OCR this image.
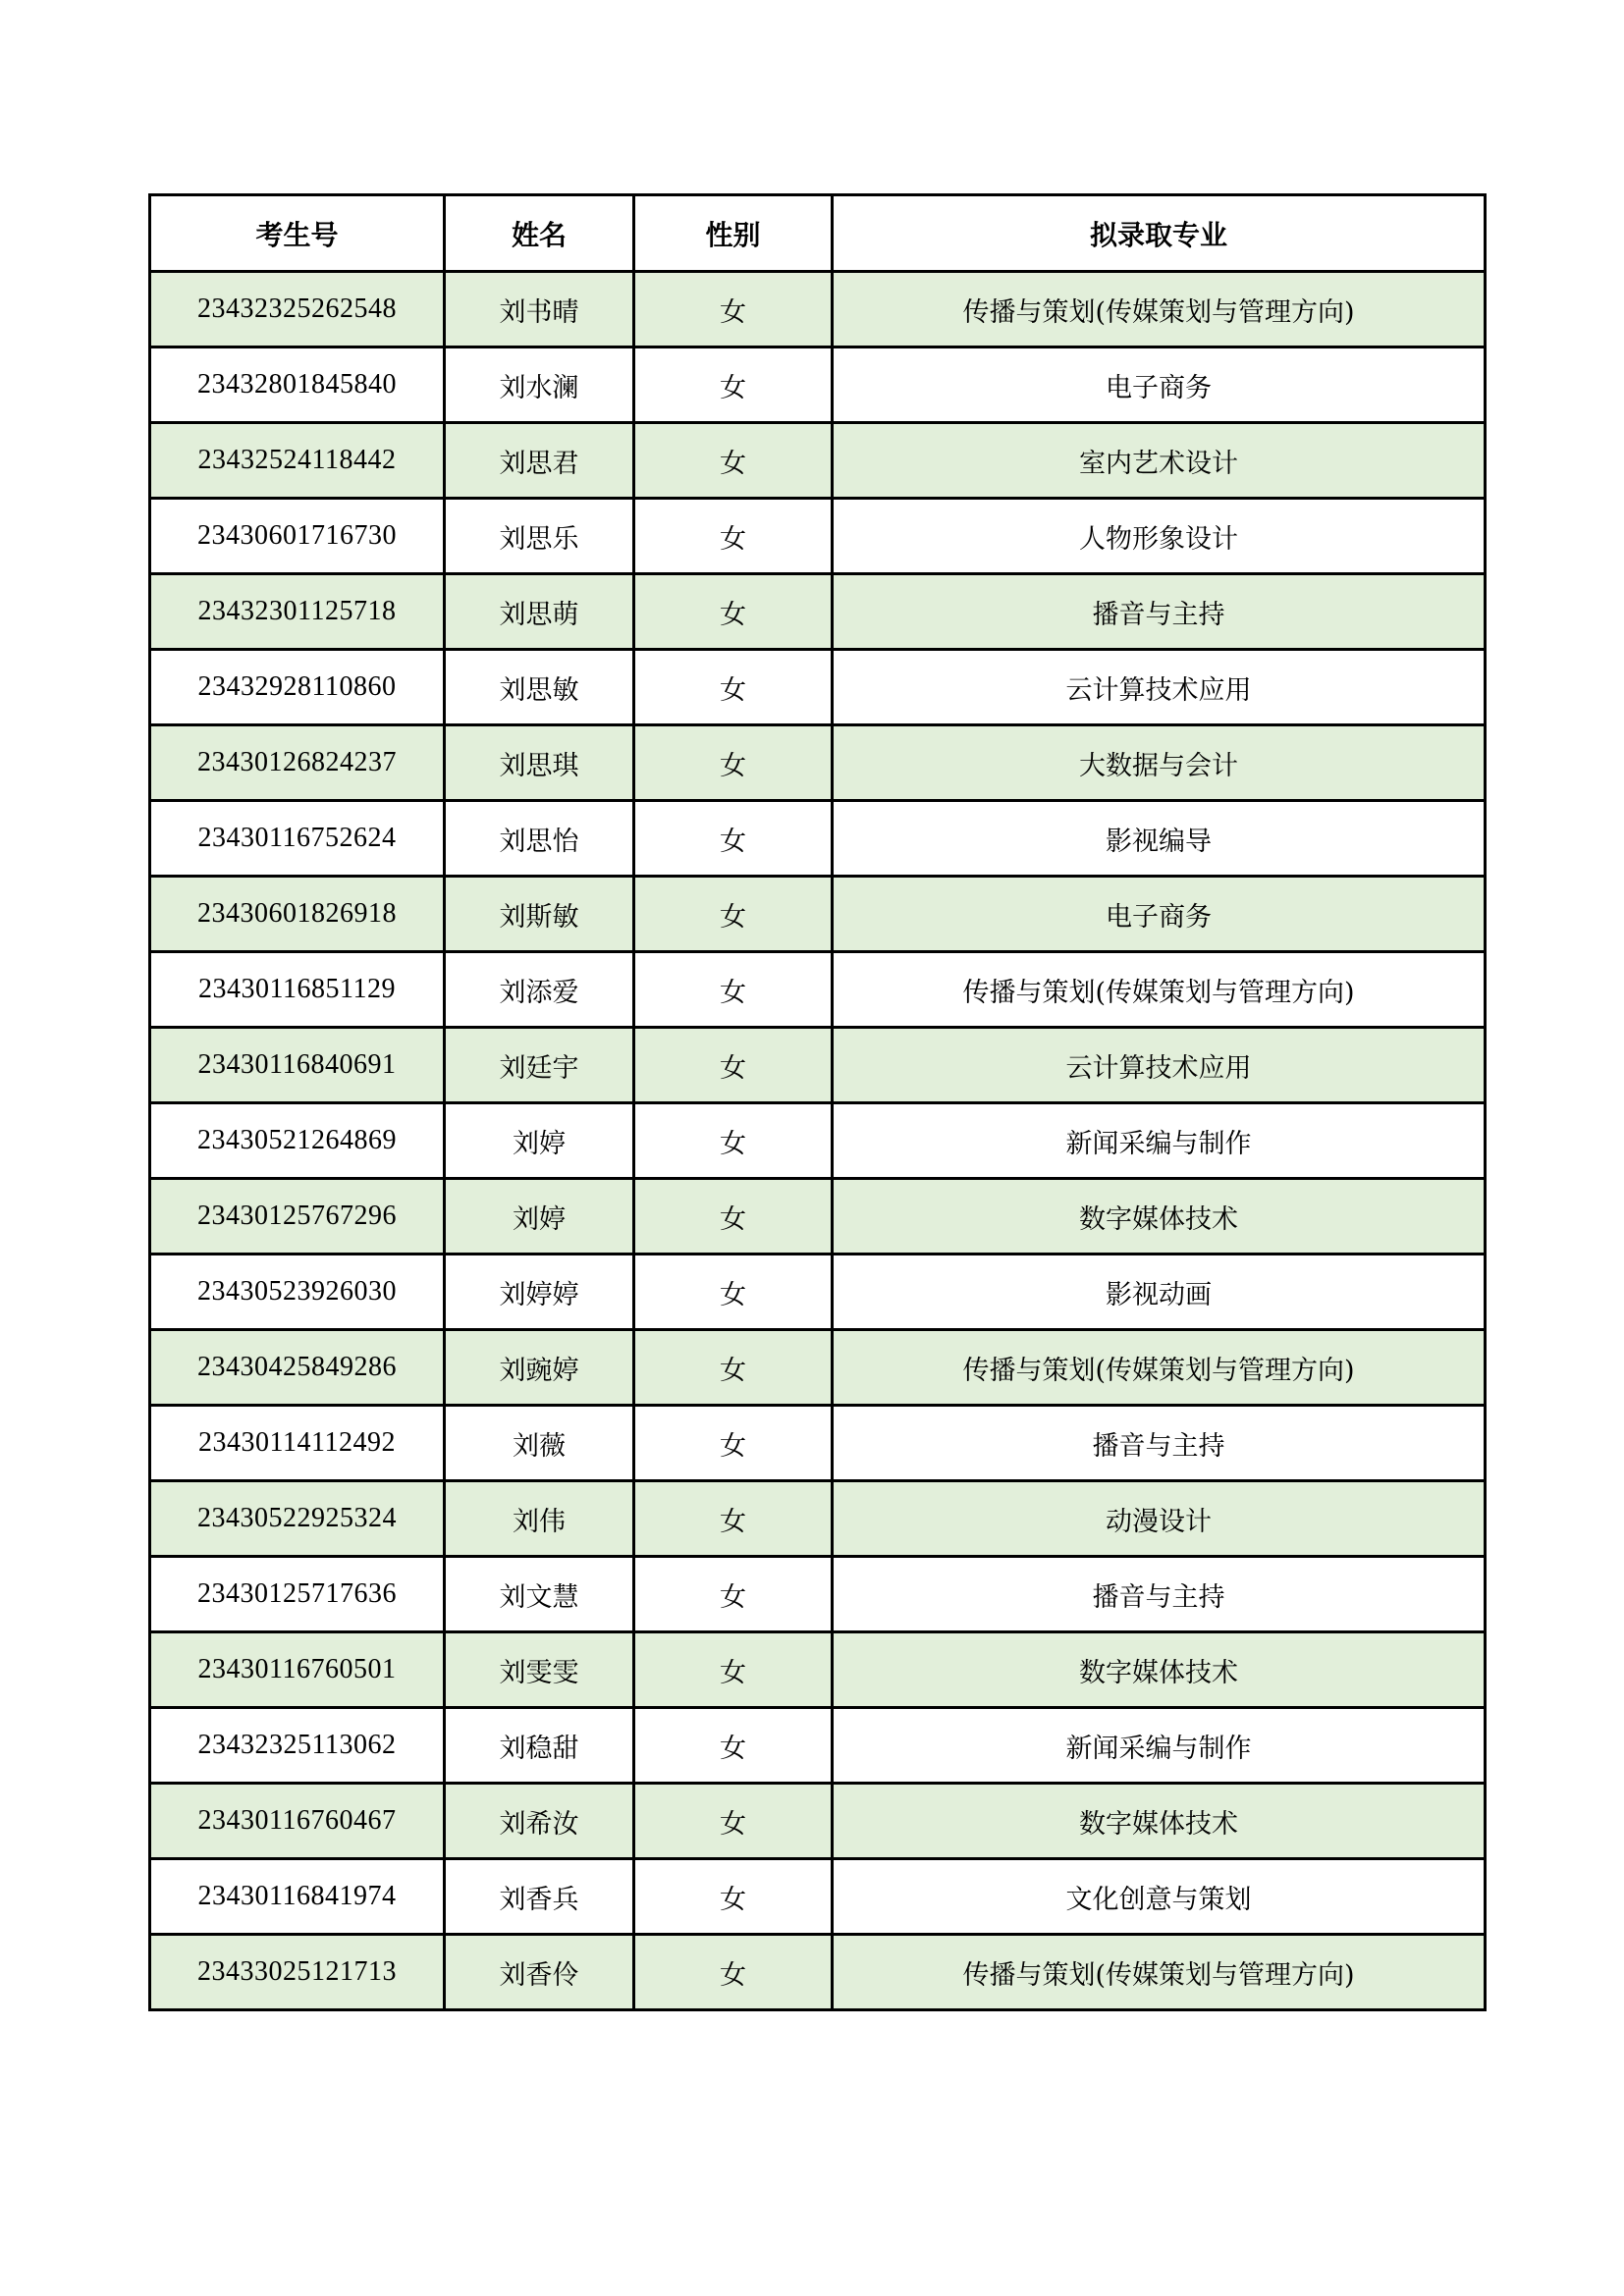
考生号	姓名	性别	拟录取专业
23432325262548	刘书晴	女	传播与策划(传媒策划与管理方向)
23432801845840	刘水澜	女	电子商务
23432524118442	刘思君	女	室内艺术设计
23430601716730	刘思乐	女	人物形象设计
23432301125718	刘思萌	女	播音与主持
23432928110860	刘思敏	女	云计算技术应用
23430126824237	刘思琪	女	大数据与会计
23430116752624	刘思怡	女	影视编导
23430601826918	刘斯敏	女	电子商务
23430116851129	刘添爱	女	传播与策划(传媒策划与管理方向)
23430116840691	刘廷宇	女	云计算技术应用
23430521264869	刘婷	女	新闻采编与制作
23430125767296	刘婷	女	数字媒体技术
23430523926030	刘婷婷	女	影视动画
23430425849286	刘豌婷	女	传播与策划(传媒策划与管理方向)
23430114112492	刘薇	女	播音与主持
23430522925324	刘伟	女	动漫设计
23430125717636	刘文慧	女	播音与主持
23430116760501	刘雯雯	女	数字媒体技术
23432325113062	刘稳甜	女	新闻采编与制作
23430116760467	刘希汝	女	数字媒体技术
23430116841974	刘香兵	女	文化创意与策划
23433025121713	刘香伶	女	传播与策划(传媒策划与管理方向)
